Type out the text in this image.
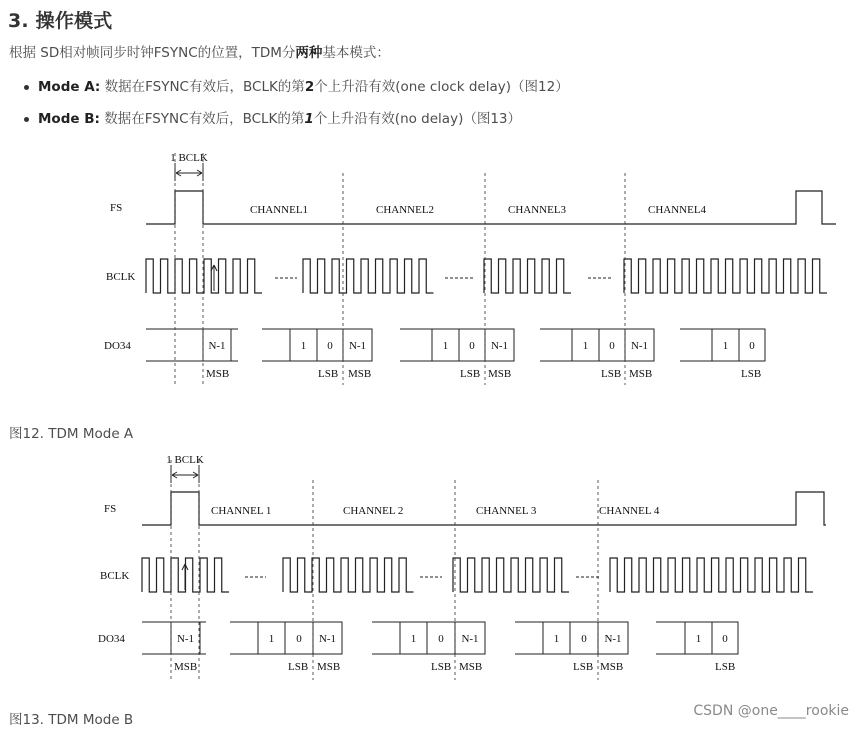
3. 操作模式
根据 SD相对帧同步时钟FSYNC的位置，TDM分两种基本模式：
Mode A: 数据在FSYNC有效后，BCLK的第2个上升沿有效(one clock delay)（图12）
Mode B: 数据在FSYNC有效后，BCLK的第1个上升沿有效(no delay)（图13）
FS
BCLK
DO34
1 BCLK
CHANNEL1	CHANNEL2	CHANNEL3	CHANNEL4
N-1	1 0 N-1	1 0 N-1	1 0 N-1	1 0
MSB	MSB	MSB	MSB
LSB	LSB	LSB	LSB
图12. TDM Mode A
FS
BCLK
DO34
1 BCLK
CHANNEL 1	CHANNEL 2	CHANNEL 3	CHANNEL 4
N-1	1 0 N-1	1 0 N-1	1 0 N-1	1 0
MSB	MSB	MSB	MSB
LSB	LSB	LSB	LSB
图13. TDM Mode B
CSDN @one____rookie
